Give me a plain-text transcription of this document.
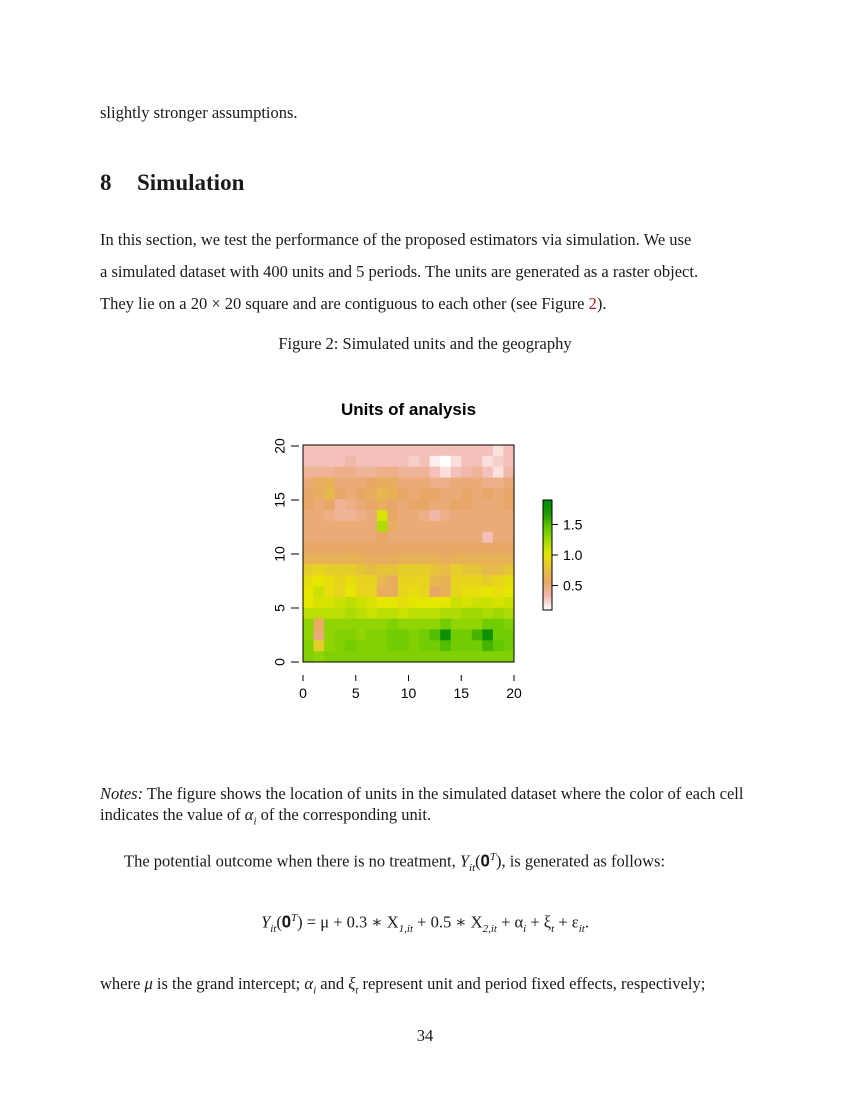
slightly stronger assumptions.
8 Simulation
In this section, we test the performance of the proposed estimators via simulation. We use
a simulated dataset with 400 units and 5 periods. The units are generated as a raster object.
They lie on a 20 × 20 square and are contiguous to each other (see Figure 2).
Figure 2: Simulated units and the geography
Units of analysis
0	5	10	15	20
0
5
10
15
20
0.5
1.0
1.5
Notes: The figure shows the location of units in the simulated dataset where the color of each cell indicates the value of $\alpha_i$ of the corresponding unit.
The potential outcome when there is no treatment, $Y_{it}(𝟎^T)$, is generated as follows:
$Y_{it}(𝟎^T) = \mu + 0.3$ ∗ $X_{1,it} + 0.5$ ∗ $X_{2,it} + \alpha_i + \xi_t + \varepsilon_{it}$.
where μ is the grand intercept; $\alpha_i$ and $\xi_t$ represent unit and period fixed effects, respectively;
34
